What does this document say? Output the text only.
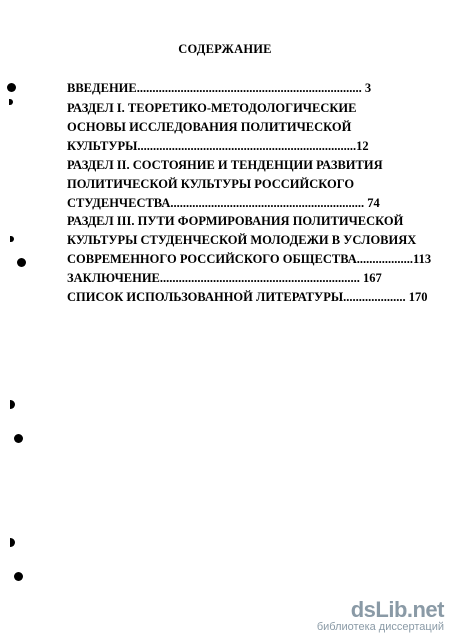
СОДЕРЖАНИЕ
ВВЕДЕНИЕ........................................................................ 3
РАЗДЕЛ I. ТЕОРЕТИКО-МЕТОДОЛОГИЧЕСКИЕ
ОСНОВЫ ИССЛЕДОВАНИЯ ПОЛИТИЧЕСКОЙ
КУЛЬТУРЫ......................................................................12
РАЗДЕЛ II. СОСТОЯНИЕ И ТЕНДЕНЦИИ РАЗВИТИЯ
ПОЛИТИЧЕСКОЙ КУЛЬТУРЫ РОССИЙСКОГО
СТУДЕНЧЕСТВА.............................................................. 74
РАЗДЕЛ III. ПУТИ ФОРМИРОВАНИЯ ПОЛИТИЧЕСКОЙ
КУЛЬТУРЫ СТУДЕНЧЕСКОЙ МОЛОДЕЖИ В УСЛОВИЯХ
СОВРЕМЕННОГО РОССИЙСКОГО ОБЩЕСТВА..................113
ЗАКЛЮЧЕНИЕ................................................................ 167
СПИСОК ИСПОЛЬЗОВАННОЙ ЛИТЕРАТУРЫ.................... 170
dsLib.net
библиотека диссертаций
